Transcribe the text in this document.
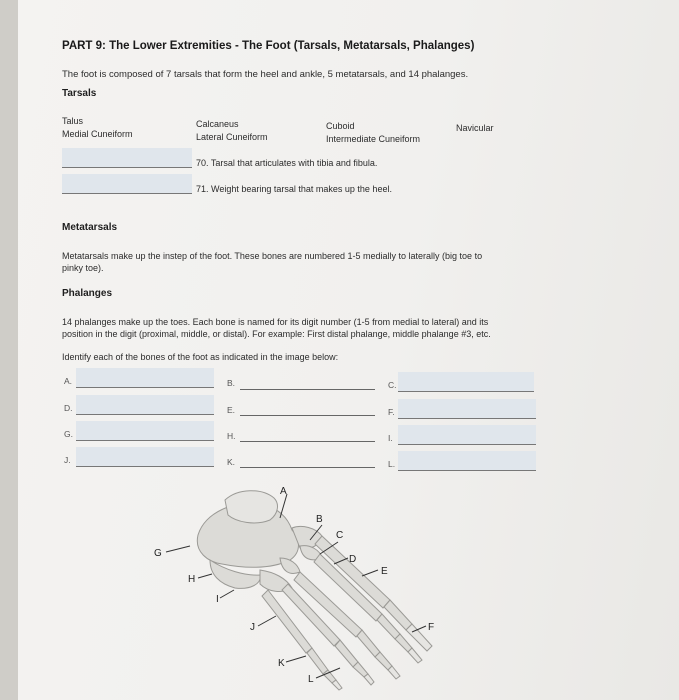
PART 9: The Lower Extremities - The Foot (Tarsals, Metatarsals, Phalanges)
The foot is composed of 7 tarsals that form the heel and ankle, 5 metatarsals, and 14 phalanges.
Tarsals
Talus
Medial Cuneiform
Calcaneus
Lateral Cuneiform
Cuboid
Intermediate Cuneiform
Navicular
70. Tarsal that articulates with tibia and fibula.
71. Weight bearing tarsal that makes up the heel.
Metatarsals
Metatarsals make up the instep of the foot. These bones are numbered 1-5 medially to laterally (big toe to
pinky toe).
Phalanges
14 phalanges make up the toes. Each bone is named for its digit number (1-5 from medial to lateral) and its
position in the digit (proximal, middle, or distal). For example: First distal phalange, middle phalange #3, etc.
Identify each of the bones of the foot as indicated in the image below:
A.	B.	C.
D.	E.	F.
G.	H.	I.
J.	K.	L.
A
B
C
D
E
F
G
H
I
J
K
L
